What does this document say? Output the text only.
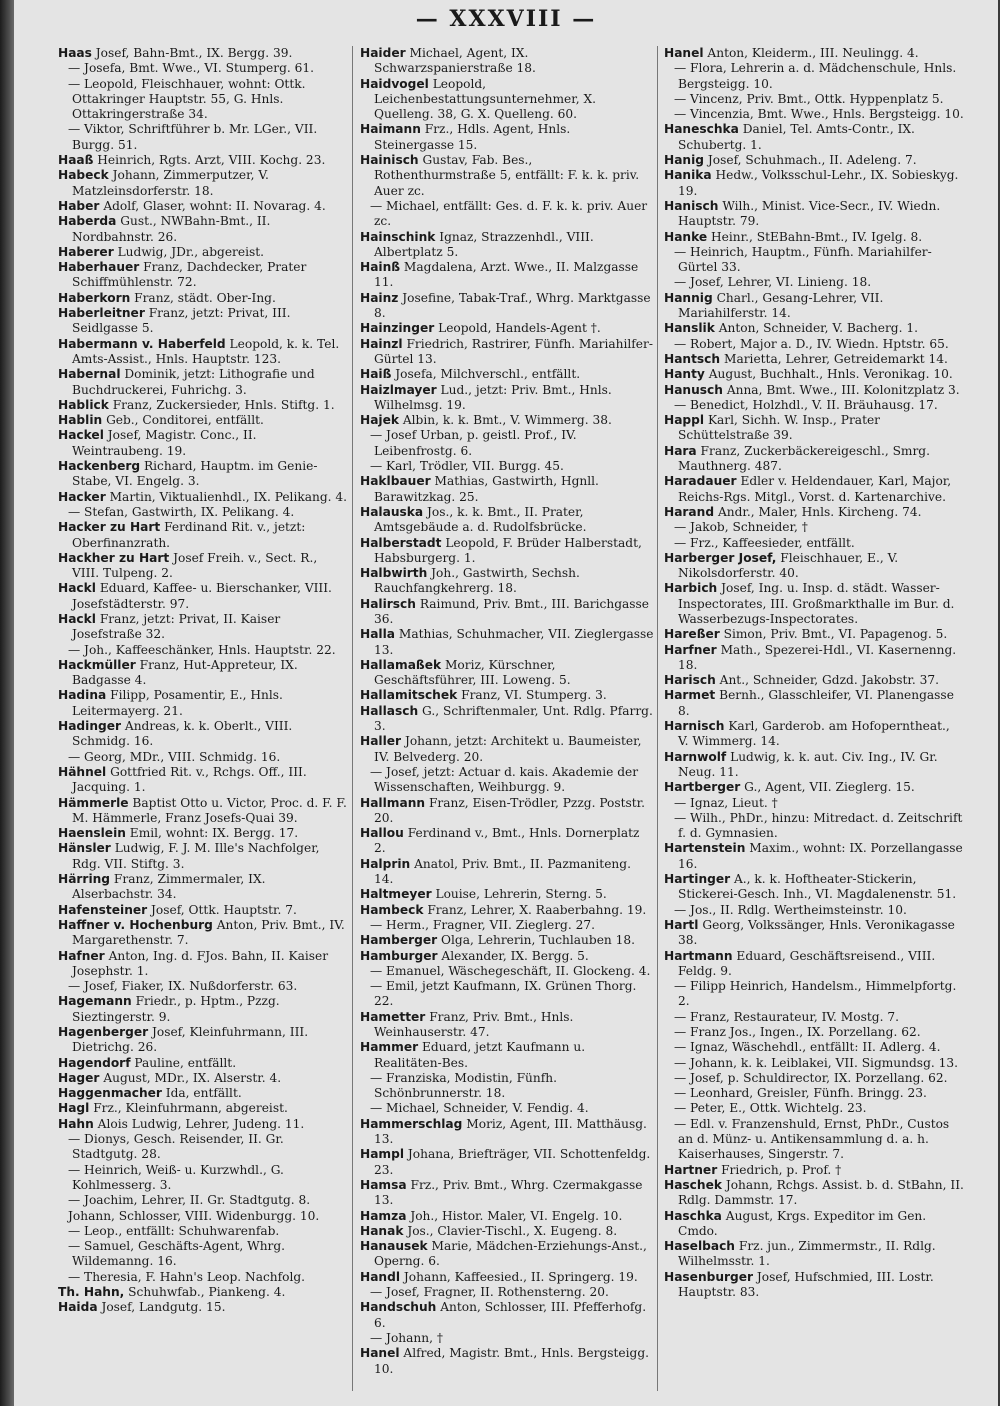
— XXXVIII —

Haas Josef, Bahn-Bmt., IX. Bergg. 39.

— Josefa, Bmt. Wwe., VI. Stumperg. 61.

— Leopold, Fleischhauer, wohnt: Ottk. Ottakringer Hauptstr. 55, G. Hnls. Ottakringerstraße 34.

— Viktor, Schriftführer b. Mr. LGer., VII. Burgg. 51.

Haaß Heinrich, Rgts. Arzt, VIII. Kochg. 23.

Habeck Johann, Zimmerputzer, V. Matzleinsdorferstr. 18.

Haber Adolf, Glaser, wohnt: II. Novarag. 4.

Haberda Gust., NWBahn-Bmt., II. Nordbahnstr. 26.

Haberer Ludwig, JDr., abgereist.

Haberhauer Franz, Dachdecker, Prater Schiffmühlenstr. 72.

Haberkorn Franz, städt. Ober-Ing.

Haberleitner Franz, jetzt: Privat, III. Seidlgasse 5.

Habermann v. Haberfeld Leopold, k. k. Tel. Amts-Assist., Hnls. Hauptstr. 123.

Habernal Dominik, jetzt: Lithografie und Buchdruckerei, Fuhrichg. 3.

Hablick Franz, Zuckersieder, Hnls. Stiftg. 1.

Hablin Geb., Conditorei, entfällt.

Hackel Josef, Magistr. Conc., II. Weintraubeng. 19.

Hackenberg Richard, Hauptm. im Genie-Stabe, VI. Engelg. 3.

Hacker Martin, Viktualienhdl., IX. Pelikang. 4.

— Stefan, Gastwirth, IX. Pelikang. 4.

Hacker zu Hart Ferdinand Rit. v., jetzt: Oberfinanzrath.

Hackher zu Hart Josef Freih. v., Sect. R., VIII. Tulpeng. 2.

Hackl Eduard, Kaffee- u. Bierschanker, VIII. Josefstädterstr. 97.

Hackl Franz, jetzt: Privat, II. Kaiser Josefstraße 32.

— Joh., Kaffeeschänker, Hnls. Hauptstr. 22.

Hackmüller Franz, Hut-Appreteur, IX. Badgasse 4.

Hadina Filipp, Posamentir, E., Hnls. Leitermayerg. 21.

Hadinger Andreas, k. k. Oberlt., VIII. Schmidg. 16.

— Georg, MDr., VIII. Schmidg. 16.

Hähnel Gottfried Rit. v., Rchgs. Off., III. Jacquing. 1.

Hämmerle Baptist Otto u. Victor, Proc. d. F. F. M. Hämmerle, Franz Josefs-Quai 39.

Haenslein Emil, wohnt: IX. Bergg. 17.

Hänsler Ludwig, F. J. M. Ille's Nachfolger, Rdg. VII. Stiftg. 3.

Härring Franz, Zimmermaler, IX. Alserbachstr. 34.

Hafensteiner Josef, Ottk. Hauptstr. 7.

Haffner v. Hochenburg Anton, Priv. Bmt., IV. Margarethenstr. 7.

Hafner Anton, Ing. d. FJos. Bahn, II. Kaiser Josephstr. 1.

— Josef, Fiaker, IX. Nußdorferstr. 63.

Hagemann Friedr., p. Hptm., Pzzg. Sieztingerstr. 9.

Hagenberger Josef, Kleinfuhrmann, III. Dietrichg. 26.

Hagendorf Pauline, entfällt.

Hager August, MDr., IX. Alserstr. 4.

Haggenmacher Ida, entfällt.

Hagl Frz., Kleinfuhrmann, abgereist.

Hahn Alois Ludwig, Lehrer, Judeng. 11.

— Dionys, Gesch. Reisender, II. Gr. Stadtgutg. 28.

— Heinrich, Weiß- u. Kurzwhdl., G. Kohlmesserg. 3.

— Joachim, Lehrer, II. Gr. Stadtgutg. 8.

Johann, Schlosser, VIII. Widenburgg. 10.

— Leop., entfällt: Schuhwarenfab.

— Samuel, Geschäfts-Agent, Whrg. Wildemanng. 16.

— Theresia, F. Hahn's Leop. Nachfolg.

Th. Hahn, Schuhwfab., Piankeng. 4.

Haida Josef, Landgutg. 15.

Haider Michael, Agent, IX. Schwarzspanierstraße 18.

Haidvogel Leopold, Leichenbestattungsunternehmer, X. Quelleng. 38, G. X. Quelleng. 60.

Haimann Frz., Hdls. Agent, Hnls. Steinergasse 15.

Hainisch Gustav, Fab. Bes., Rothenthurmstraße 5, entfällt: F. k. k. priv. Auer zc.

— Michael, entfällt: Ges. d. F. k. k. priv. Auer zc.

Hainschink Ignaz, Strazzenhdl., VIII. Albertplatz 5.

Hainß Magdalena, Arzt. Wwe., II. Malzgasse 11.

Hainz Josefine, Tabak-Traf., Whrg. Marktgasse 8.

Hainzinger Leopold, Handels-Agent †.

Hainzl Friedrich, Rastrirer, Fünfh. Mariahilfer-Gürtel 13.

Haiß Josefa, Milchverschl., entfällt.

Haizlmayer Lud., jetzt: Priv. Bmt., Hnls. Wilhelmsg. 19.

Hajek Albin, k. k. Bmt., V. Wimmerg. 38.

— Josef Urban, p. geistl. Prof., IV. Leibenfrostg. 6.

— Karl, Trödler, VII. Burgg. 45.

Haklbauer Mathias, Gastwirth, Hgnll. Barawitzkag. 25.

Halauska Jos., k. k. Bmt., II. Prater, Amtsgebäude a. d. Rudolfsbrücke.

Halberstadt Leopold, F. Brüder Halberstadt, Habsburgerg. 1.

Halbwirth Joh., Gastwirth, Sechsh. Rauchfangkehrerg. 18.

Halirsch Raimund, Priv. Bmt., III. Barichgasse 36.

Halla Mathias, Schuhmacher, VII. Zieglergasse 13.

Hallamaßek Moriz, Kürschner, Geschäftsführer, III. Loweng. 5.

Hallamitschek Franz, VI. Stumperg. 3.

Hallasch G., Schriftenmaler, Unt. Rdlg. Pfarrg. 3.

Haller Johann, jetzt: Architekt u. Baumeister, IV. Belvederg. 20.

— Josef, jetzt: Actuar d. kais. Akademie der Wissenschaften, Weihburgg. 9.

Hallmann Franz, Eisen-Trödler, Pzzg. Poststr. 20.

Hallou Ferdinand v., Bmt., Hnls. Dornerplatz 2.

Halprin Anatol, Priv. Bmt., II. Pazmaniteng. 14.

Haltmeyer Louise, Lehrerin, Sterng. 5.

Hambeck Franz, Lehrer, X. Raaberbahng. 19.

— Herm., Fragner, VII. Zieglerg. 27.

Hamberger Olga, Lehrerin, Tuchlauben 18.

Hamburger Alexander, IX. Bergg. 5.

— Emanuel, Wäschegeschäft, II. Glockeng. 4.

— Emil, jetzt Kaufmann, IX. Grünen Thorg. 22.

Hametter Franz, Priv. Bmt., Hnls. Weinhauserstr. 47.

Hammer Eduard, jetzt Kaufmann u. Realitäten-Bes.

— Franziska, Modistin, Fünfh. Schönbrunnerstr. 18.

— Michael, Schneider, V. Fendig. 4.

Hammerschlag Moriz, Agent, III. Matthäusg. 13.

Hampl Johana, Briefträger, VII. Schottenfeldg. 23.

Hamsa Frz., Priv. Bmt., Whrg. Czermakgasse 13.

Hamza Joh., Histor. Maler, VI. Engelg. 10.

Hanak Jos., Clavier-Tischl., X. Eugeng. 8.

Hanausek Marie, Mädchen-Erziehungs-Anst., Operng. 6.

Handl Johann, Kaffeesied., II. Springerg. 19.

— Josef, Fragner, II. Rothensterng. 20.

Handschuh Anton, Schlosser, III. Pfefferhofg. 6.

— Johann, †

Hanel Alfred, Magistr. Bmt., Hnls. Bergsteigg. 10.

Hanel Anton, Kleiderm., III. Neulingg. 4.

— Flora, Lehrerin a. d. Mädchenschule, Hnls. Bergsteigg. 10.

— Vincenz, Priv. Bmt., Ottk. Hyppenplatz 5.

— Vincenzia, Bmt. Wwe., Hnls. Bergsteigg. 10.

Haneschka Daniel, Tel. Amts-Contr., IX. Schubertg. 1.

Hanig Josef, Schuhmach., II. Adeleng. 7.

Hanika Hedw., Volksschul-Lehr., IX. Sobieskyg. 19.

Hanisch Wilh., Minist. Vice-Secr., IV. Wiedn. Hauptstr. 79.

Hanke Heinr., StEBahn-Bmt., IV. Igelg. 8.

— Heinrich, Hauptm., Fünfh. Mariahilfer-Gürtel 33.

— Josef, Lehrer, VI. Linieng. 18.

Hannig Charl., Gesang-Lehrer, VII. Mariahilferstr. 14.

Hanslik Anton, Schneider, V. Bacherg. 1.

— Robert, Major a. D., IV. Wiedn. Hptstr. 65.

Hantsch Marietta, Lehrer, Getreidemarkt 14.

Hanty August, Buchhalt., Hnls. Veronikag. 10.

Hanusch Anna, Bmt. Wwe., III. Kolonitzplatz 3.

— Benedict, Holzhdl., V. II. Bräuhausg. 17.

Happl Karl, Sichh. W. Insp., Prater Schüttelstraße 39.

Hara Franz, Zuckerbäckereigeschl., Smrg. Mauthnerg. 487.

Haradauer Edler v. Heldendauer, Karl, Major, Reichs-Rgs. Mitgl., Vorst. d. Kartenarchive.

Harand Andr., Maler, Hnls. Kircheng. 74.

— Jakob, Schneider, †

— Frz., Kaffeesieder, entfällt.

Harberger Josef, Fleischhauer, E., V. Nikolsdorferstr. 40.

Harbich Josef, Ing. u. Insp. d. städt. Wasser-Inspectorates, III. Großmarkthalle im Bur. d. Wasserbezugs-Inspectorates.

Hareßer Simon, Priv. Bmt., VI. Papagenog. 5.

Harfner Math., Spezerei-Hdl., VI. Kasernenng. 18.

Harisch Ant., Schneider, Gdzd. Jakobstr. 37.

Harmet Bernh., Glasschleifer, VI. Planengasse 8.

Harnisch Karl, Garderob. am Hofoperntheat., V. Wimmerg. 14.

Harnwolf Ludwig, k. k. aut. Civ. Ing., IV. Gr. Neug. 11.

Hartberger G., Agent, VII. Zieglerg. 15.

— Ignaz, Lieut. †

— Wilh., PhDr., hinzu: Mitredact. d. Zeitschrift f. d. Gymnasien.

Hartenstein Maxim., wohnt: IX. Porzellangasse 16.

Hartinger A., k. k. Hoftheater-Stickerin, Stickerei-Gesch. Inh., VI. Magdalenenstr. 51.

— Jos., II. Rdlg. Wertheimsteinstr. 10.

Hartl Georg, Volkssänger, Hnls. Veronikagasse 38.

Hartmann Eduard, Geschäftsreisend., VIII. Feldg. 9.

— Filipp Heinrich, Handelsm., Himmelpfortg. 2.

— Franz, Restaurateur, IV. Mostg. 7.

— Franz Jos., Ingen., IX. Porzellang. 62.

— Ignaz, Wäschehdl., entfällt: II. Adlerg. 4.

— Johann, k. k. Leiblakei, VII. Sigmundsg. 13.

— Josef, p. Schuldirector, IX. Porzellang. 62.

— Leonhard, Greisler, Fünfh. Bringg. 23.

— Peter, E., Ottk. Wichtelg. 23.

— Edl. v. Franzenshuld, Ernst, PhDr., Custos an d. Münz- u. Antikensammlung d. a. h. Kaiserhauses, Singerstr. 7.

Hartner Friedrich, p. Prof. †

Haschek Johann, Rchgs. Assist. b. d. StBahn, II. Rdlg. Dammstr. 17.

Haschka August, Krgs. Expeditor im Gen. Cmdo.

Haselbach Frz. jun., Zimmermstr., II. Rdlg. Wilhelmsstr. 1.

Hasenburger Josef, Hufschmied, III. Lostr. Hauptstr. 83.
